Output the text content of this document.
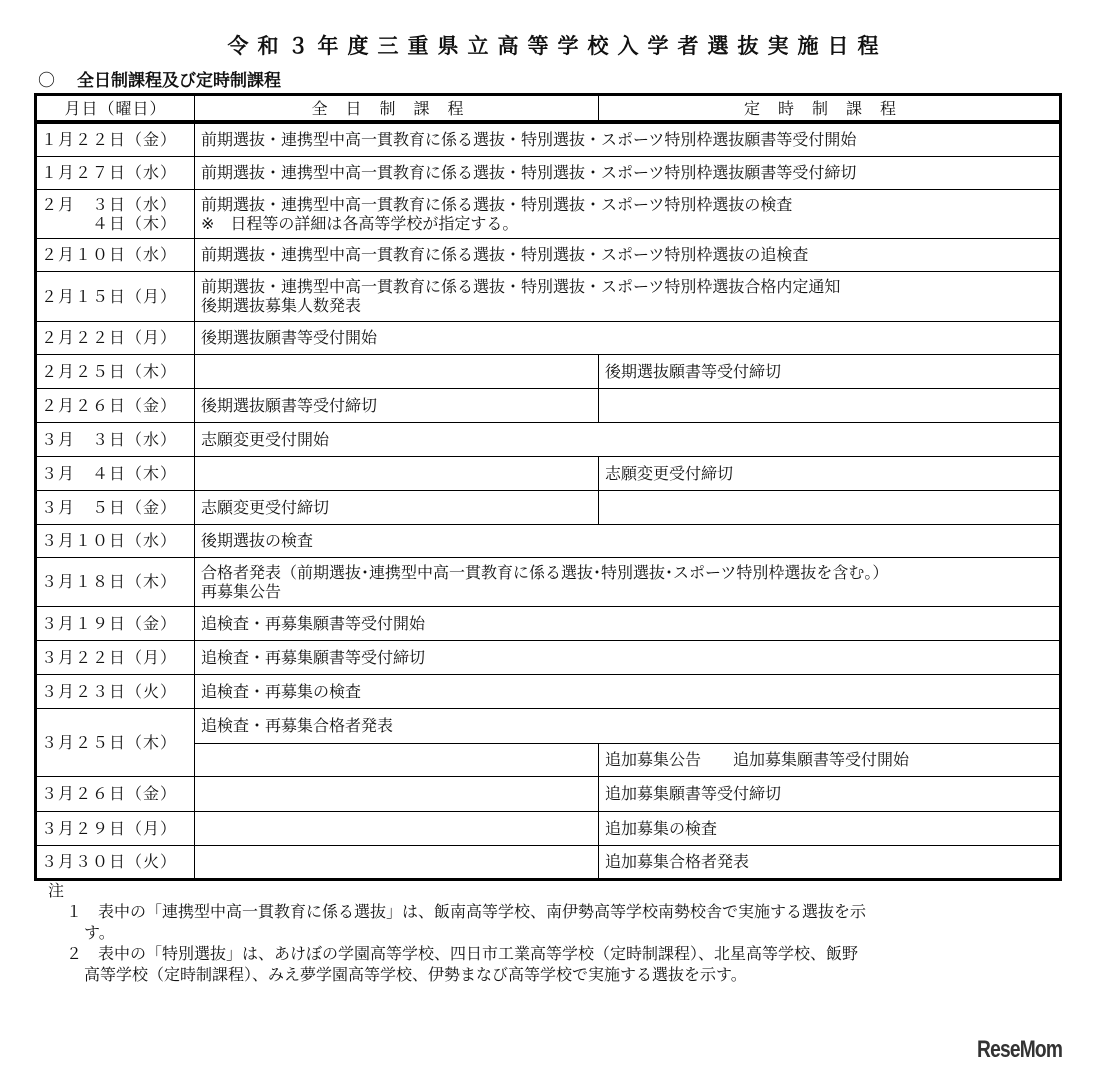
令和３年度三重県立高等学校入学者選抜実施日程
〇 全日制課程及び定時制課程
月日（曜日）	全日制課程	定時制課程
１月２２日（金）	前期選抜・連携型中高一貫教育に係る選抜・特別選抜・スポーツ特別枠選抜願書等受付開始
１月２７日（水）	前期選抜・連携型中高一貫教育に係る選抜・特別選抜・スポーツ特別枠選抜願書等受付締切
２月　３日（水）
　　　４日（木）	前期選抜・連携型中高一貫教育に係る選抜・特別選抜・スポーツ特別枠選抜の検査
※　日程等の詳細は各高等学校が指定する。
２月１０日（水）	前期選抜・連携型中高一貫教育に係る選抜・特別選抜・スポーツ特別枠選抜の追検査
２月１５日（月）	前期選抜・連携型中高一貫教育に係る選抜・特別選抜・スポーツ特別枠選抜合格内定通知
後期選抜募集人数発表
２月２２日（月）	後期選抜願書等受付開始
２月２５日（木）		後期選抜願書等受付締切
２月２６日（金）	後期選抜願書等受付締切	
３月　３日（水）	志願変更受付開始
３月　４日（木）		志願変更受付締切
３月　５日（金）	志願変更受付締切	
３月１０日（水）	後期選抜の検査
３月１８日（木）	合格者発表（前期選抜･連携型中高一貫教育に係る選抜･特別選抜･スポーツ特別枠選抜を含む。）
再募集公告
３月１９日（金）	追検査・再募集願書等受付開始
３月２２日（月）	追検査・再募集願書等受付締切
３月２３日（火）	追検査・再募集の検査
３月２５日（木）	追検査・再募集合格者発表
	追加募集公告　　追加募集願書等受付開始
３月２６日（金）		追加募集願書等受付締切
３月２９日（月）		追加募集の検査
３月３０日（火）		追加募集合格者発表
注
１　 表中の「連携型中高一貫教育に係る選抜」は、飯南高等学校、南伊勢高等学校南勢校舎で実施する選抜を示
す。
２　 表中の「特別選抜」は、あけぼの学園高等学校、四日市工業高等学校（定時制課程）、北星高等学校、飯野
高等学校（定時制課程）、みえ夢学園高等学校、伊勢まなび高等学校で実施する選抜を示す。
ReseMom
